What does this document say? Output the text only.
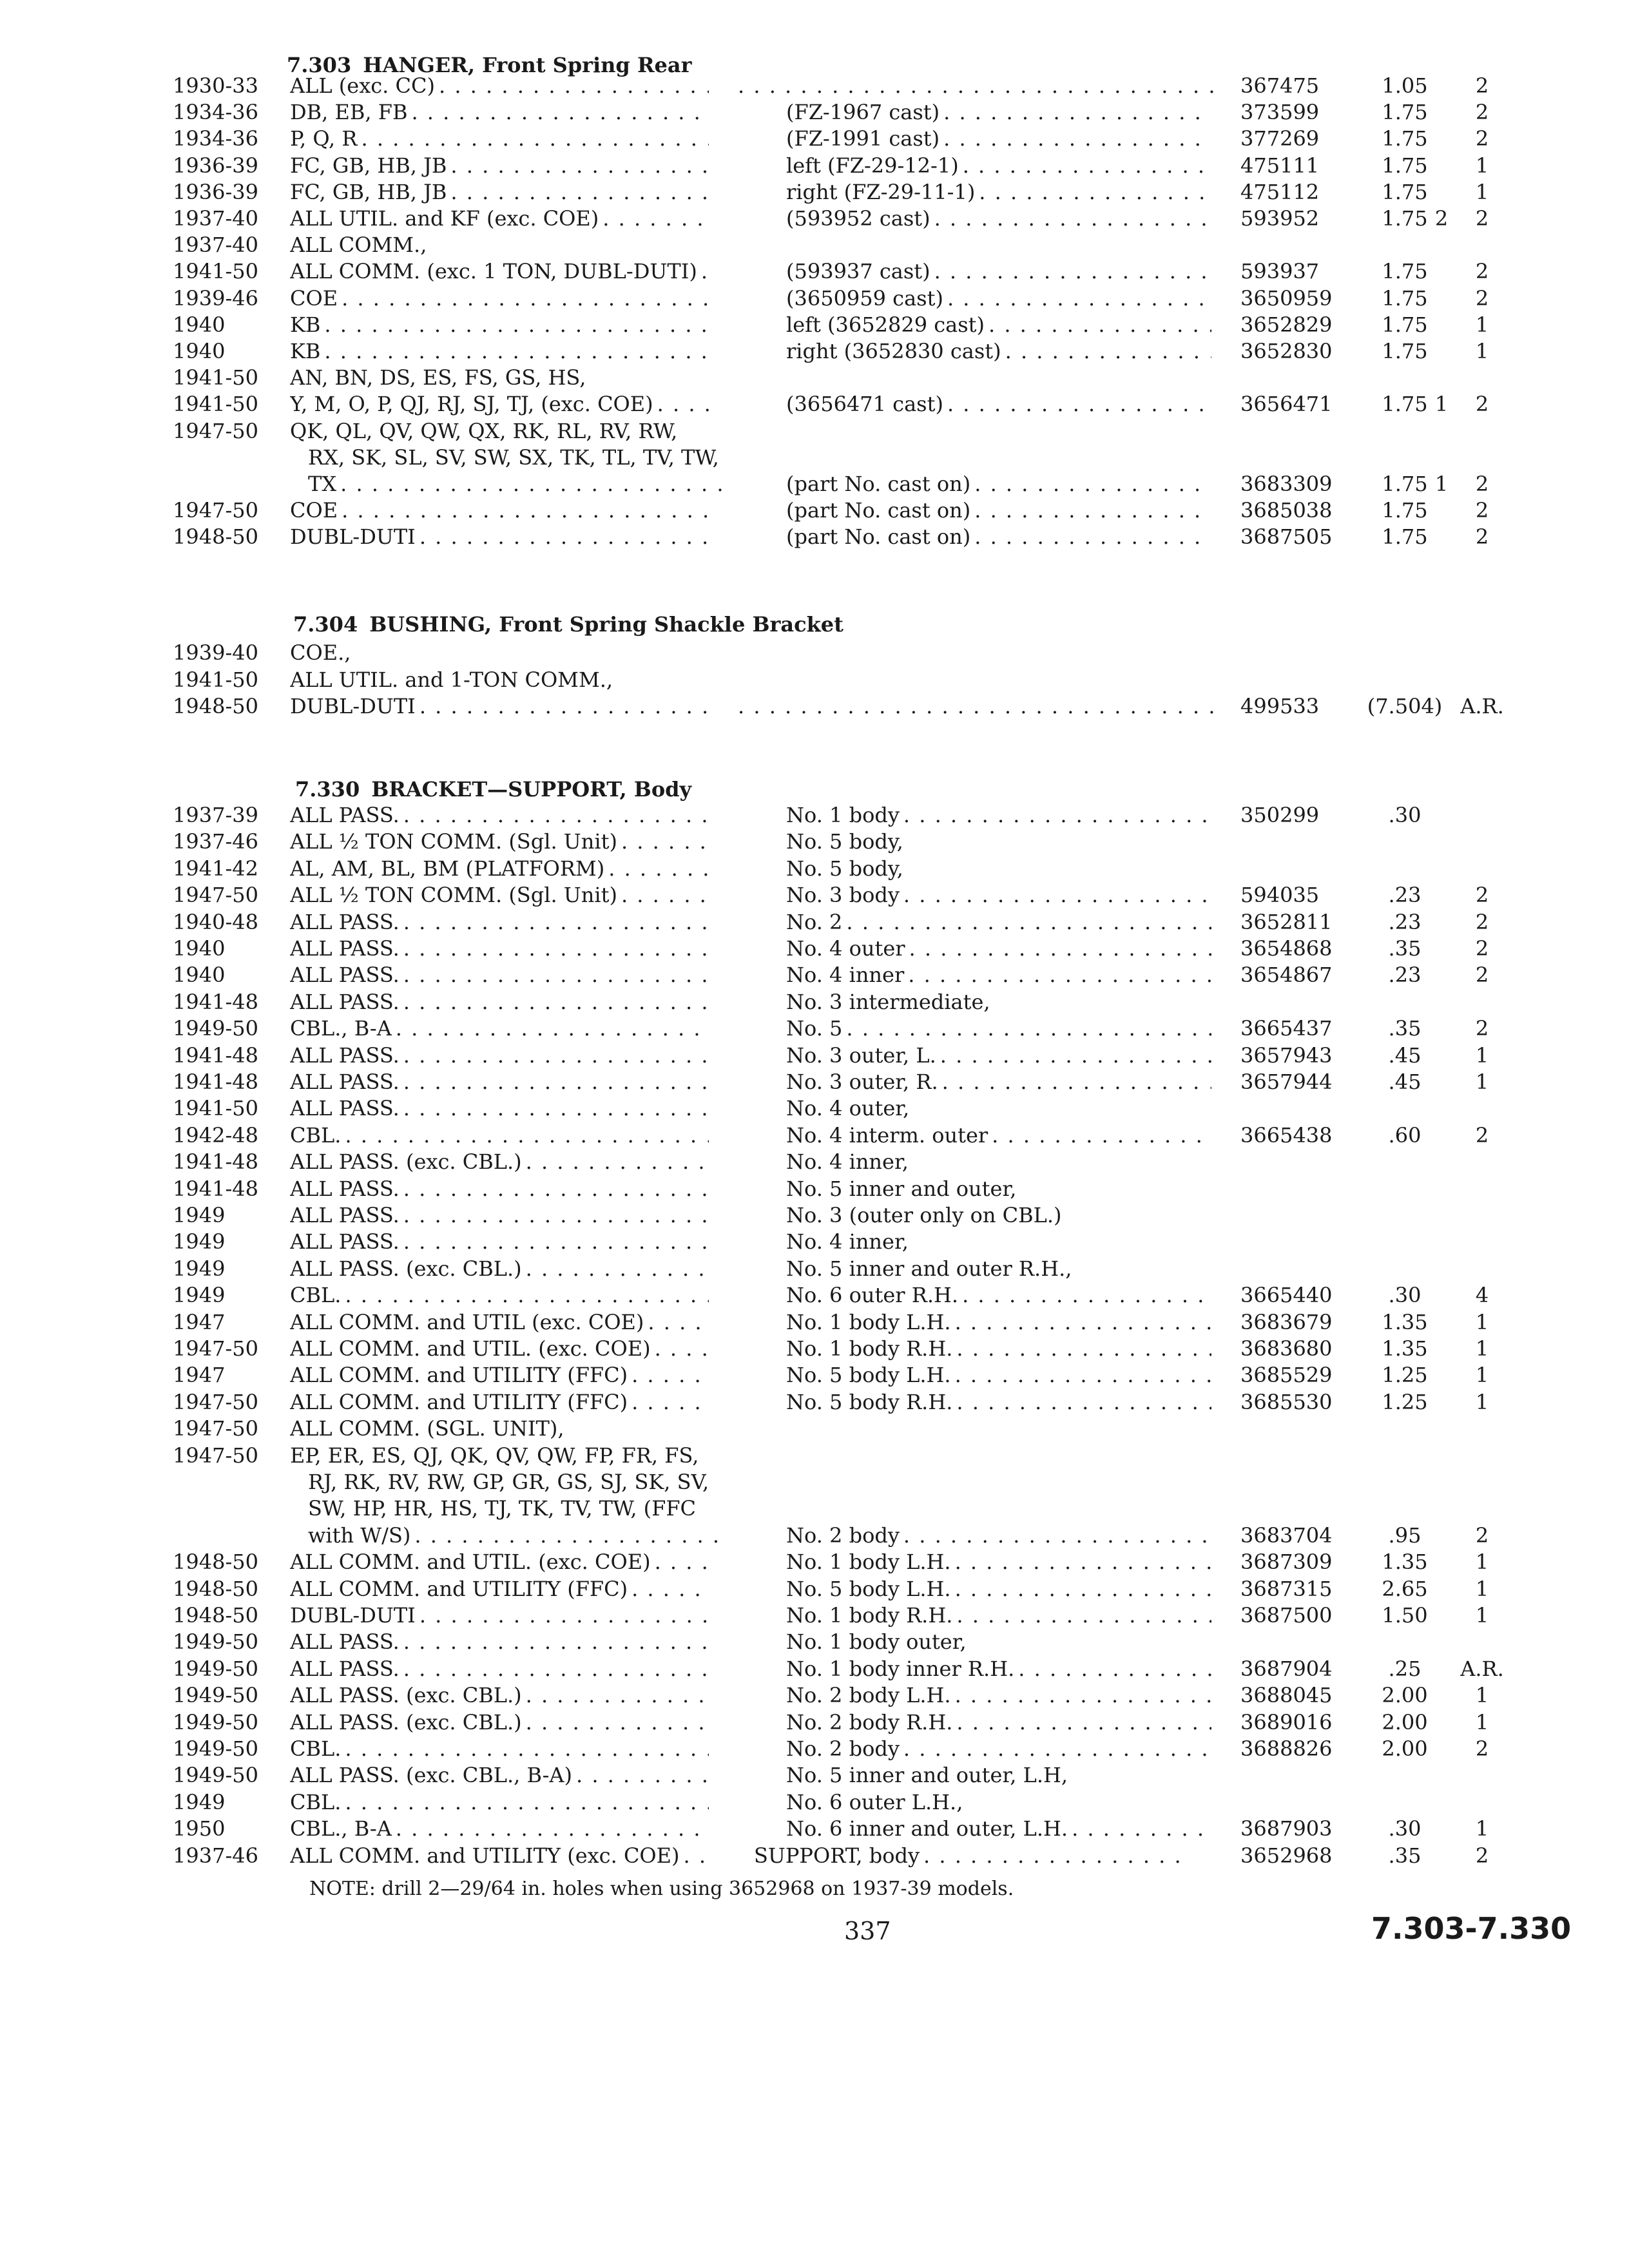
7.303 HANGER, Front Spring Rear
1930-33	ALL (exc. CC) . . . . . .	367475	1.05	2
1934-36	DB, EB, FB . . .	(FZ-1967 cast) . . .	373599	1.75	2
1934-36	P, Q, R . . .	(FZ-1991 cast) . . .	377269	1.75	2
1936-39	FC, GB, HB, JB . . .	left (FZ-29-12-1) . . .	475111	1.75	1
1936-39	FC, GB, HB, JB . . .	right (FZ-29-11-1) . . .	475112	1.75	1
1937-40	ALL UTIL. and KF (exc. COE) . . .	(593952 cast) . . .	593952	1.75 2	2
1937-40	ALL COMM.,
1941-50	ALL COMM. (exc. 1 TON, DUBL-DUTI) . . .	(593937 cast) . . .	593937	1.75	2
1939-46	COE . . .	(3650959 cast) . . .	3650959	1.75	2
1940	KB . . .	left (3652829 cast) . . .	3652829	1.75	1
1940	KB . . .	right (3652830 cast) . . .	3652830	1.75	1
1941-50	AN, BN, DS, ES, FS, GS, HS,
1941-50	Y, M, O, P, QJ, RJ, SJ, TJ, (exc. COE) . . .	(3656471 cast) . . .	3656471	1.75 1	2
1947-50	QK, QL, QV, QW, QX, RK, RL, RV, RW,
RX, SK, SL, SV, SW, SX, TK, TL, TV, TW,
TX . . .	(part No. cast on) . . .	3683309	1.75 1	2
1947-50	COE . . .	(part No. cast on) . . .	3685038	1.75	2
1948-50	DUBL-DUTI . . .	(part No. cast on) . . .	3687505	1.75	2
7.304 BUSHING, Front Spring Shackle Bracket
1939-40	COE.,
1941-50	ALL UTIL. and 1-TON COMM.,
1948-50	DUBL-DUTI . . . . . .	499533	(7.504) A.R.
7.330 BRACKET—SUPPORT, Body
1937-39	ALL PASS. . . .	No. 1 body . . .	350299	.30
1937-46	ALL ½ TON COMM. (Sgl. Unit) . . .	No. 5 body,
1941-42	AL, AM, BL, BM (PLATFORM) . . .	No. 5 body,
1947-50	ALL ½ TON COMM. (Sgl. Unit) . . .	No. 3 body . . .	594035	.23	2
1940-48	ALL PASS. . . .	No. 2 . . .	3652811	.23	2
1940	ALL PASS. . . .	No. 4 outer . . .	3654868	.35	2
1940	ALL PASS. . . .	No. 4 inner . . .	3654867	.23	2
1941-48	ALL PASS. . . .	No. 3 intermediate,
1949-50	CBL., B-A . . .	No. 5 . . .	3665437	.35	2
1941-48	ALL PASS. . . .	No. 3 outer, L. . . .	3657943	.45	1
1941-48	ALL PASS. . . .	No. 3 outer, R. . . .	3657944	.45	1
1941-50	ALL PASS. . . .	No. 4 outer,
1942-48	CBL. . . .	No. 4 interm. outer . . .	3665438	.60	2
1941-48	ALL PASS. (exc. CBL.) . . .	No. 4 inner,
1941-48	ALL PASS. . . .	No. 5 inner and outer,
1949	ALL PASS. . . .	No. 3 (outer only on CBL.)
1949	ALL PASS. . . .	No. 4 inner,
1949	ALL PASS. (exc. CBL.) . . .	No. 5 inner and outer R.H.,
1949	CBL. . . .	No. 6 outer R.H. . . .	3665440	.30	4
1947	ALL COMM. and UTIL (exc. COE) . . .	No. 1 body L.H. . . .	3683679	1.35	1
1947-50	ALL COMM. and UTIL. (exc. COE) . . .	No. 1 body R.H. . . .	3683680	1.35	1
1947	ALL COMM. and UTILITY (FFC) . . .	No. 5 body L.H. . . .	3685529	1.25	1
1947-50	ALL COMM. and UTILITY (FFC) . . .	No. 5 body R.H. . . .	3685530	1.25	1
1947-50	ALL COMM. (SGL. UNIT),
1947-50	EP, ER, ES, QJ, QK, QV, QW, FP, FR, FS,
RJ, RK, RV, RW, GP, GR, GS, SJ, SK, SV,
SW, HP, HR, HS, TJ, TK, TV, TW, (FFC
with W/S) . . .	No. 2 body . . .	3683704	.95	2
1948-50	ALL COMM. and UTIL. (exc. COE) . . .	No. 1 body L.H. . . .	3687309	1.35	1
1948-50	ALL COMM. and UTILITY (FFC) . . .	No. 5 body L.H. . . .	3687315	2.65	1
1948-50	DUBL-DUTI . . .	No. 1 body R.H. . . .	3687500	1.50	1
1949-50	ALL PASS. . . .	No. 1 body outer,
1949-50	ALL PASS. . . .	No. 1 body inner R.H. . . .	3687904	.25	A.R.
1949-50	ALL PASS. (exc. CBL.) . . .	No. 2 body L.H. . . .	3688045	2.00	1
1949-50	ALL PASS. (exc. CBL.) . . .	No. 2 body R.H. . . .	3689016	2.00	1
1949-50	CBL. . . .	No. 2 body . . .	3688826	2.00	2
1949-50	ALL PASS. (exc. CBL., B-A) . . .	No. 5 inner and outer, L.H,
1949	CBL. . . .	No. 6 outer L.H.,
1950	CBL., B-A . . .	No. 6 inner and outer, L.H. . . .	3687903	.30	1
1937-46	ALL COMM. and UTILITY (exc. COE) . . .	SUPPORT, body . . .	3652968	.35	2
NOTE: drill 2—29/64 in. holes when using 3652968 on 1937-39 models.
337	7.303-7.330
